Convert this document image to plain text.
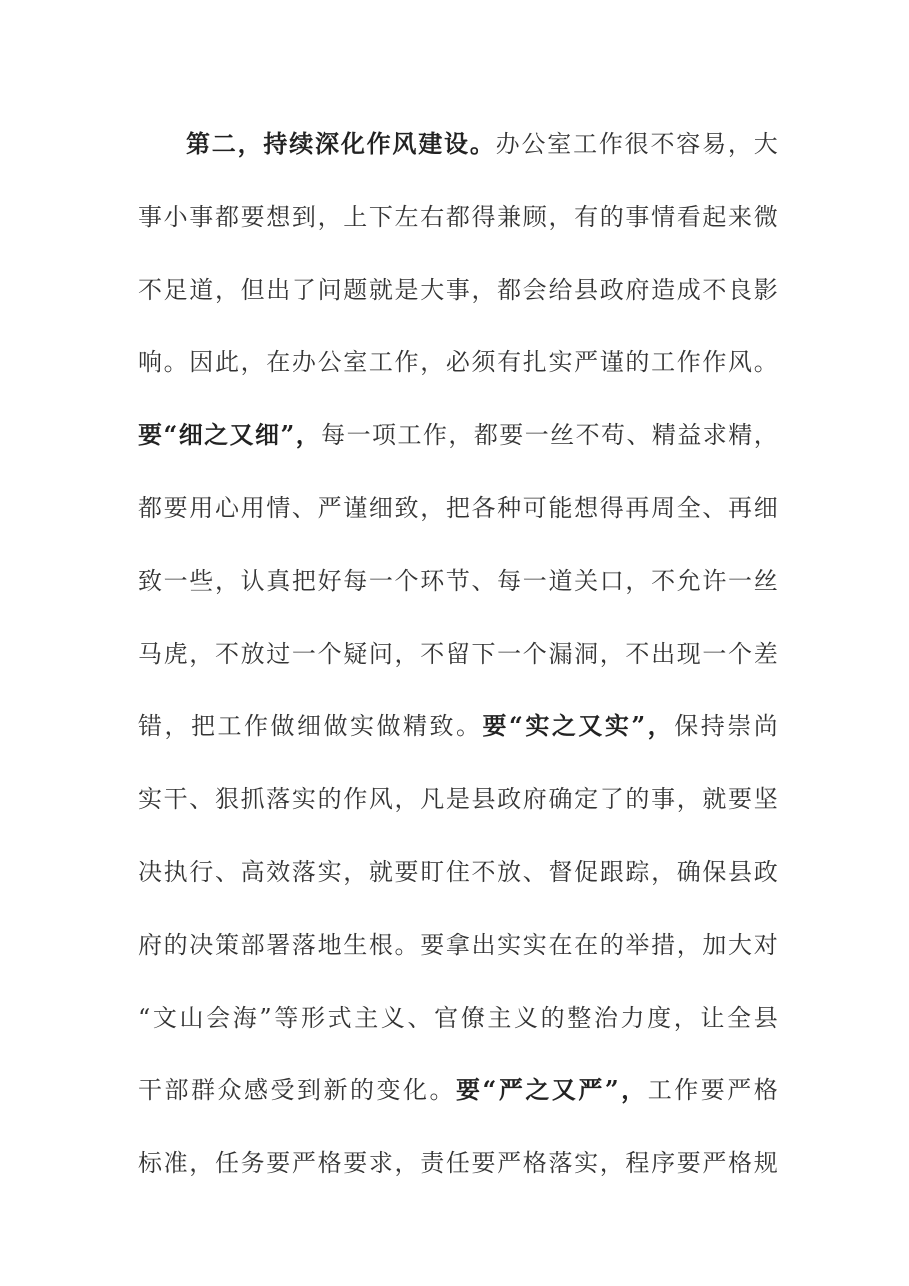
第二，持续深化作风建设。办公室工作很不容易，大
事小事都要想到，上下左右都得兼顾，有的事情看起来微
不足道，但出了问题就是大事，都会给县政府造成不良影
响。因此，在办公室工作，必须有扎实严谨的工作作风。
要“细之又细”，每一项工作，都要一丝不苟、精益求精，
都要用心用情、严谨细致，把各种可能想得再周全、再细
致一些，认真把好每一个环节、每一道关口，不允许一丝
马虎，不放过一个疑问，不留下一个漏洞，不出现一个差
错，把工作做细做实做精致。要“实之又实”，保持崇尚
实干、狠抓落实的作风，凡是县政府确定了的事，就要坚
决执行、高效落实，就要盯住不放、督促跟踪，确保县政
府的决策部署落地生根。要拿出实实在在的举措，加大对
“文山会海”等形式主义、官僚主义的整治力度，让全县
干部群众感受到新的变化。要“严之又严”，工作要严格
标准，任务要严格要求，责任要严格落实，程序要严格规
